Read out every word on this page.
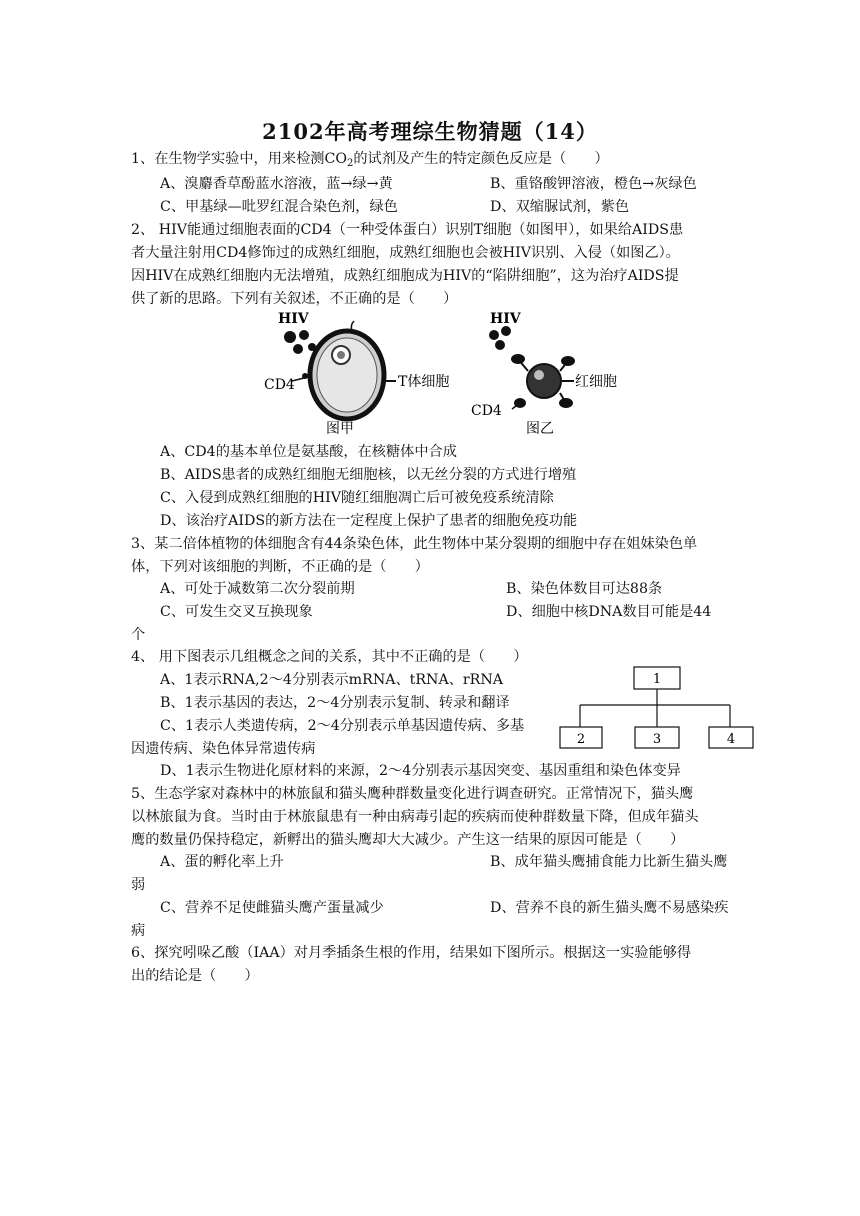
2102年高考理综生物猜题（14）
1、在生物学实验中，用来检测$CO_2$的试剂及产生的特定颜色反应是（　　）
A、溴麝香草酚蓝水溶液，蓝→绿→黄	B、重铬酸钾溶液，橙色→灰绿色
C、甲基绿—吡罗红混合染色剂，绿色	D、双缩脲试剂，紫色
2、 HIV能通过细胞表面的CD4（一种受体蛋白）识别T细胞（如图甲），如果给AIDS患
者大量注射用CD4修饰过的成熟红细胞，成熟红细胞也会被HIV识别、入侵（如图乙）。
因HIV在成熟红细胞内无法增殖，成熟红细胞成为HIV的“陷阱细胞”，这为治疗AIDS提
供了新的思路。下列有关叙述，不正确的是（　　）
HIV
CD4	T体细胞
图甲
HIV
CD4
红细胞
图乙
A、CD4的基本单位是氨基酸，在核糖体中合成
B、AIDS患者的成熟红细胞无细胞核，以无丝分裂的方式进行增殖
C、入侵到成熟红细胞的HIV随红细胞凋亡后可被免疫系统清除
D、该治疗AIDS的新方法在一定程度上保护了患者的细胞免疫功能
3、某二倍体植物的体细胞含有44条染色体，此生物体中某分裂期的细胞中存在姐妹染色单
体，下列对该细胞的判断，不正确的是（　　）
A、可处于减数第二次分裂前期	B、染色体数目可达88条
C、可发生交叉互换现象	D、细胞中核DNA数目可能是44
个
4、 用下图表示几组概念之间的关系，其中不正确的是（　　）
A、1表示RNA,2～4分别表示mRNA、tRNA、rRNA
B、1表示基因的表达，2～4分别表示复制、转录和翻译
C、1表示人类遗传病，2～4分别表示单基因遗传病、多基
因遗传病、染色体异常遗传病
D、1表示生物进化原材料的来源，2～4分别表示基因突变、基因重组和染色体变异
1
2	3	4
5、生态学家对森林中的林旅鼠和猫头鹰种群数量变化进行调查研究。正常情况下，猫头鹰
以林旅鼠为食。当时由于林旅鼠患有一种由病毒引起的疾病而使种群数量下降，但成年猫头
鹰的数量仍保持稳定，新孵出的猫头鹰却大大减少。产生这一结果的原因可能是（　　）
A、蛋的孵化率上升	B、成年猫头鹰捕食能力比新生猫头鹰
弱
C、营养不足使雌猫头鹰产蛋量减少	D、营养不良的新生猫头鹰不易感染疾
病
6、探究吲哚乙酸（IAA）对月季插条生根的作用，结果如下图所示。根据这一实验能够得
出的结论是（　　）
